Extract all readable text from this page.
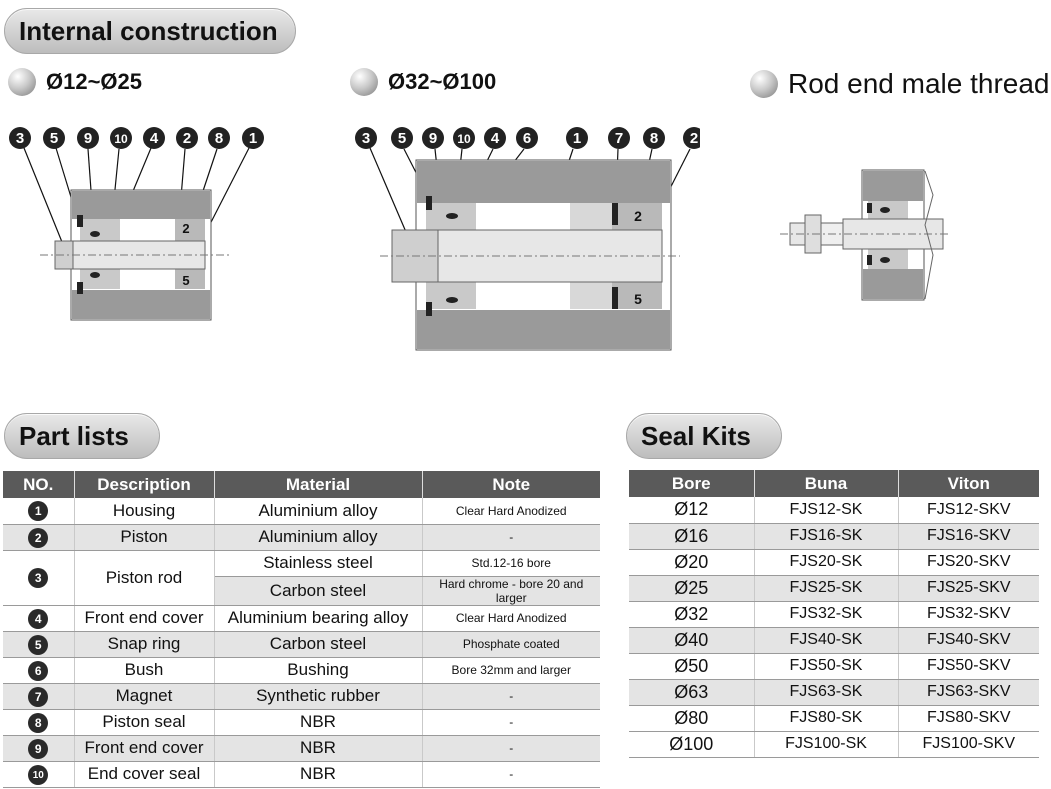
Internal construction
Ø12~Ø25	Ø32~Ø100	Rod end male thread
3 5 9 10 4 2 8 1
2
5
3 5 9 10 4 6	1 7 8 2
2
5
Part lists
NO.	Description	Material	Note
1	Housing	Aluminium alloy	Clear Hard Anodized
2	Piston	Aluminium alloy	-
3	Piston rod	Stainless steel	Std.12-16 bore
		Carbon steel	Hard chrome - bore 20 and larger
4	Front end cover	Aluminium bearing alloy	Clear Hard Anodized
5	Snap ring	Carbon steel	Phosphate coated
6	Bush	Bushing	Bore 32mm and larger
7	Magnet	Synthetic rubber	-
8	Piston seal	NBR	-
9	Front end cover	NBR	-
10	End cover seal	NBR	-
Seal Kits
Bore	Buna	Viton
Ø12	FJS12-SK	FJS12-SKV
Ø16	FJS16-SK	FJS16-SKV
Ø20	FJS20-SK	FJS20-SKV
Ø25	FJS25-SK	FJS25-SKV
Ø32	FJS32-SK	FJS32-SKV
Ø40	FJS40-SK	FJS40-SKV
Ø50	FJS50-SK	FJS50-SKV
Ø63	FJS63-SK	FJS63-SKV
Ø80	FJS80-SK	FJS80-SKV
Ø100	FJS100-SK	FJS100-SKV
